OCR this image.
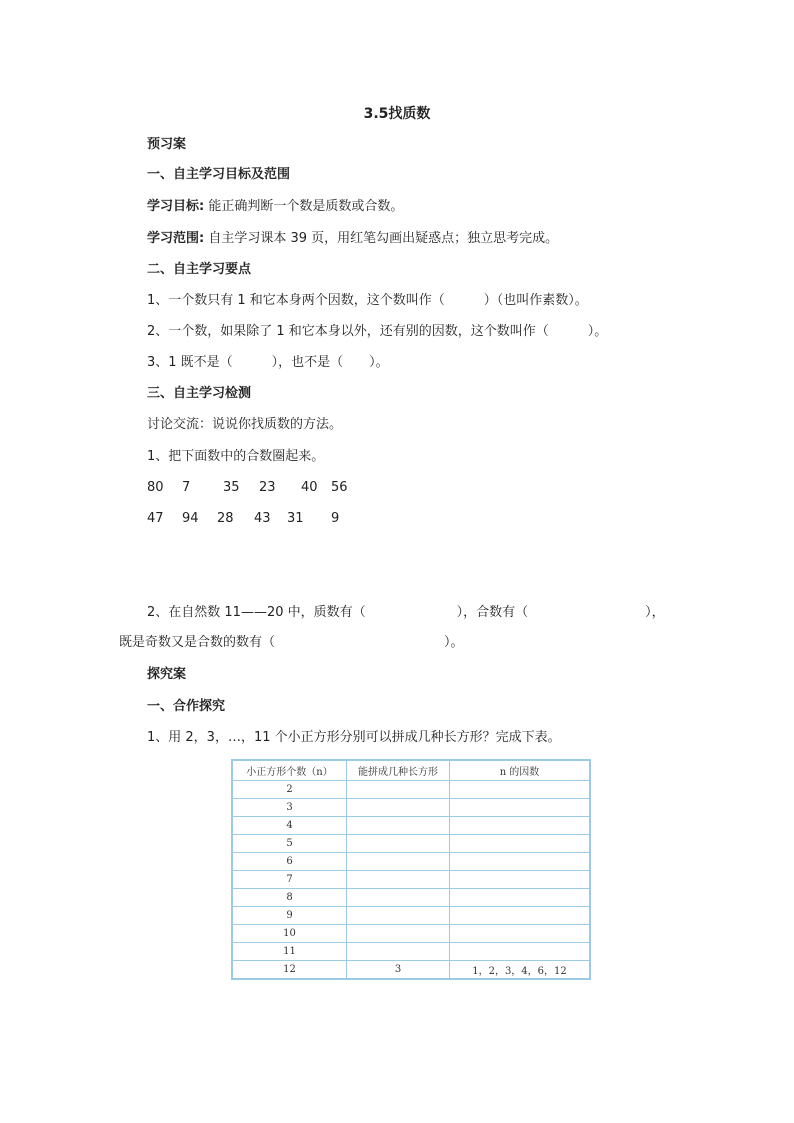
3.5找质数
预习案
一、自主学习目标及范围
学习目标: 能正确判断一个数是质数或合数。
学习范围: 自主学习课本 39 页，用红笔勾画出疑惑点；独立思考完成。
二、自主学习要点
1、一个数只有 1 和它本身两个因数，这个数叫作（　　　）（也叫作素数）。
2、一个数，如果除了 1 和它本身以外，还有别的因数，这个数叫作（　　　）。
3、1 既不是（　　　），也不是（　　）。
三、自主学习检测
讨论交流：说说你找质数的方法。
1、把下面数中的合数圈起来。
80 7	35 23 40 56
47 94 28 43 31 9
2、在自然数 11——20 中，质数有（　　　　　　　），合数有（　　　　　　　　　），
既是奇数又是合数的数有（　　　　　　　　　　　　　）。
探究案
一、合作探究
1、用 2，3，…，11 个小正方形分别可以拼成几种长方形？完成下表。
小正方形个数（n）	能拼成几种长方形	n 的因数
2		
3		
4		
5		
6		
7		
8		
9		
10		
11		
12	3	1，2，3，4，6，12
